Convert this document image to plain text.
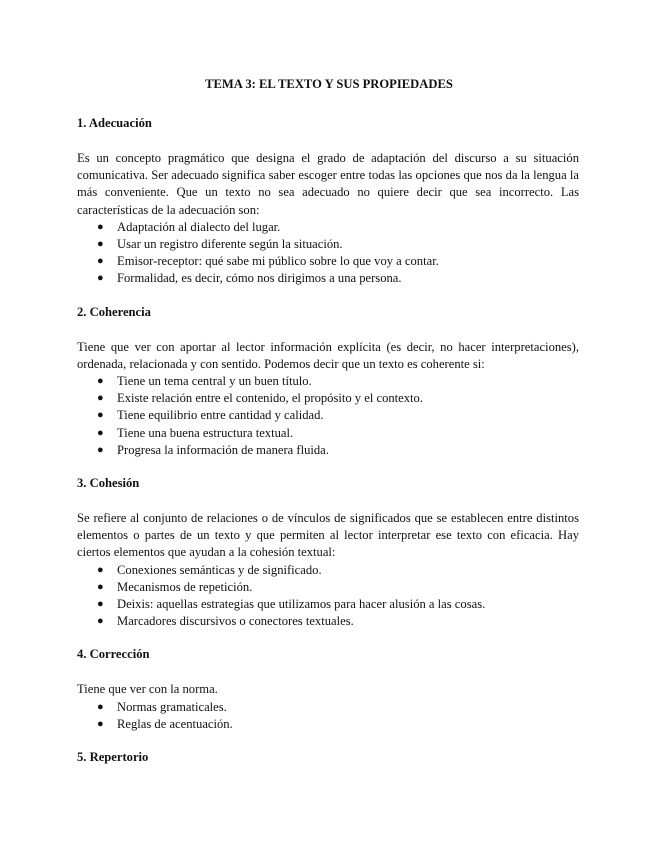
TEMA 3: EL TEXTO Y SUS PROPIEDADES
1. Adecuación

Es un concepto pragmático que designa el grado de adaptación del discurso a su situación comunicativa. Ser adecuado significa saber escoger entre todas las opciones que nos da la lengua la más conveniente. Que un texto no sea adecuado no quiere decir que sea incorrecto. Las características de la adecuación son:

● Adaptación al dialecto del lugar.
● Usar un registro diferente según la situación.
● Emisor-receptor: qué sabe mi público sobre lo que voy a contar.
● Formalidad, es decir, cómo nos dirigimos a una persona.
2. Coherencia

Tiene que ver con aportar al lector información explícita (es decir, no hacer interpretaciones), ordenada, relacionada y con sentido. Podemos decir que un texto es coherente si:

● Tiene un tema central y un buen título.
● Existe relación entre el contenido, el propósito y el contexto.
● Tiene equilibrio entre cantidad y calidad.
● Tiene una buena estructura textual.
● Progresa la información de manera fluida.
3. Cohesión

Se refiere al conjunto de relaciones o de vínculos de significados que se establecen entre distintos elementos o partes de un texto y que permiten al lector interpretar ese texto con eficacia. Hay ciertos elementos que ayudan a la cohesión textual:

● Conexiones semánticas y de significado.
● Mecanismos de repetición.
● Deixis: aquellas estrategias que utilizamos para hacer alusión a las cosas.
● Marcadores discursivos o conectores textuales.
4. Corrección

Tiene que ver con la norma.

● Normas gramaticales.
● Reglas de acentuación.
5. Repertorio
